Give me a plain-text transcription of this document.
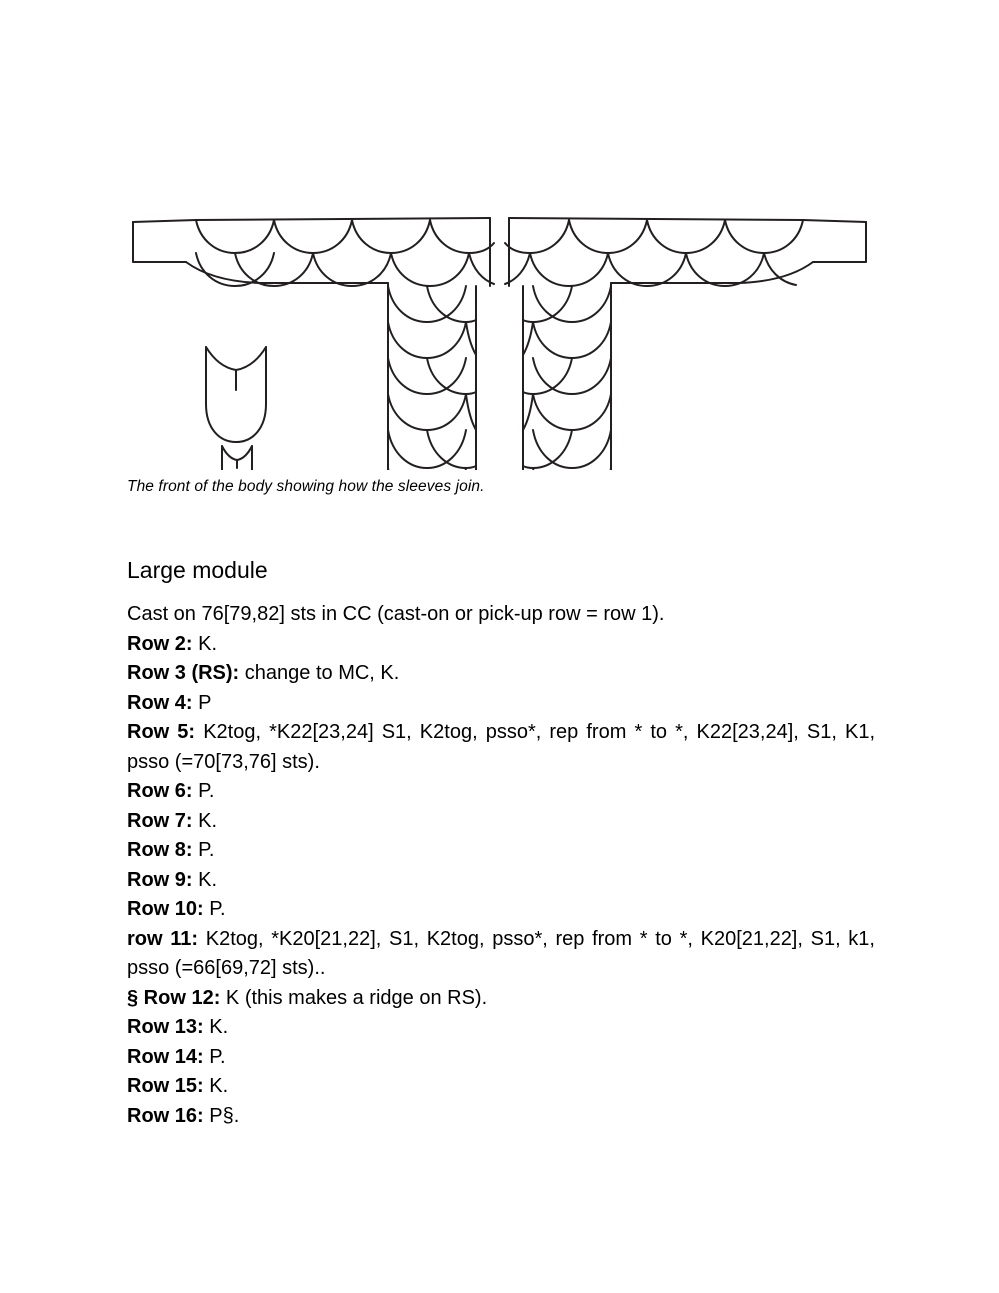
The front of the body showing how the sleeves join.
Large module

Cast on 76[79,82] sts in CC (cast-on or pick-up row = row 1).

Row 2: K.

Row 3 (RS): change to MC, K.

Row 4: P

Row 5: K2tog, *K22[23,24] S1, K2tog, psso*, rep from * to *, K22[23,24], S1, K1, psso (=70[73,76] sts).

Row 6: P.

Row 7: K.

Row 8: P.

Row 9: K.

Row 10: P.

row 11: K2tog, *K20[21,22], S1, K2tog, psso*, rep from * to *, K20[21,22], S1, k1, psso (=66[69,72] sts)..

§ Row 12: K (this makes a ridge on RS).

Row 13: K.

Row 14: P.

Row 15: K.

Row 16: P§.
